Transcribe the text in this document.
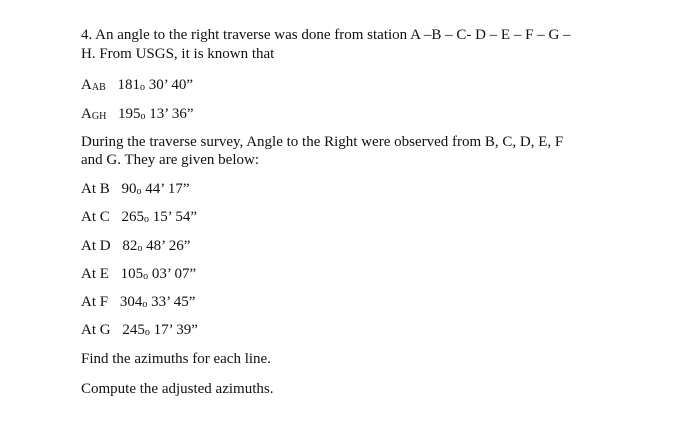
4. An angle to the right traverse was done from station A –B – C- D – E – F – G –
H. From USGS, it is known that
AAB 181o 30’ 40”
AGH 195o 13’ 36”
During the traverse survey, Angle to the Right were observed from B, C, D, E, F
and G. They are given below:
At B 90o 44’ 17”
At C 265o 15’ 54”
At D 82o 48’ 26”
At E 105o 03’ 07”
At F 304o 33’ 45”
At G 245o 17’ 39”
Find the azimuths for each line.
Compute the adjusted azimuths.
